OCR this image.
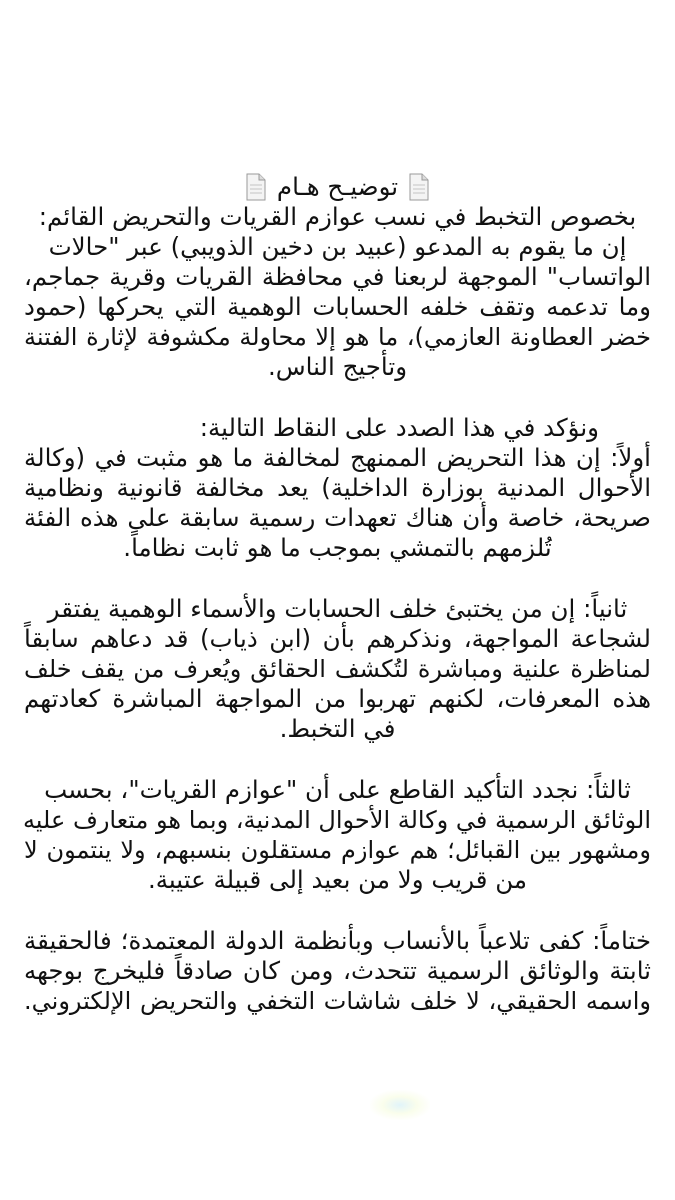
توضيـح هـام
بخصوص التخبط في نسب عوازم القريات والتحريض القائم:
إن ما يقوم به المدعو (عبيد بن دخين الذويبي) عبر "حالات
الواتساب" الموجهة لربعنا في محافظة القريات وقرية جماجم،
وما تدعمه وتقف خلفه الحسابات الوهمية التي يحركها (حمود
خضر العطاونة العازمي)، ما هو إلا محاولة مكشوفة لإثارة الفتنة
وتأجيج الناس.
ونؤكد في هذا الصدد على النقاط التالية:
أولاً: إن هذا التحريض الممنهج لمخالفة ما هو مثبت في (وكالة
الأحوال المدنية بوزارة الداخلية) يعد مخالفة قانونية ونظامية
صريحة، خاصة وأن هناك تعهدات رسمية سابقة على هذه الفئة
تُلزمهم بالتمشي بموجب ما هو ثابت نظاماً.
ثانياً: إن من يختبئ خلف الحسابات والأسماء الوهمية يفتقر
لشجاعة المواجهة، ونذكرهم بأن (ابن ذياب) قد دعاهم سابقاً
لمناظرة علنية ومباشرة لتُكشف الحقائق ويُعرف من يقف خلف
هذه المعرفات، لكنهم تهربوا من المواجهة المباشرة كعادتهم
في التخبط.
ثالثاً: نجدد التأكيد القاطع على أن "عوازم القريات"، بحسب
الوثائق الرسمية في وكالة الأحوال المدنية، وبما هو متعارف عليه
ومشهور بين القبائل؛ هم عوازم مستقلون بنسبهم، ولا ينتمون لا
من قريب ولا من بعيد إلى قبيلة عتيبة.
ختاماً: كفى تلاعباً بالأنساب وبأنظمة الدولة المعتمدة؛ فالحقيقة
ثابتة والوثائق الرسمية تتحدث، ومن كان صادقاً فليخرج بوجهه
واسمه الحقيقي، لا خلف شاشات التخفي والتحريض الإلكتروني.
